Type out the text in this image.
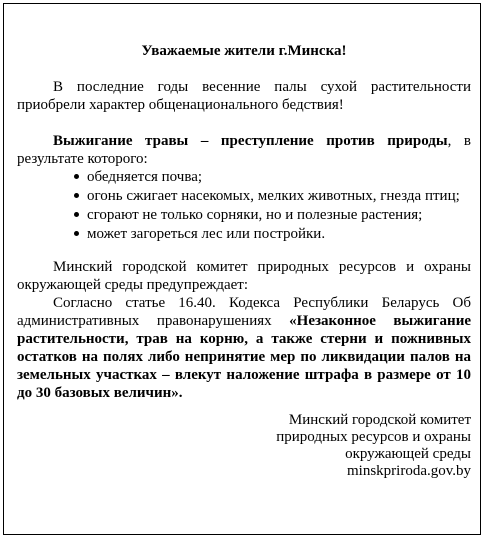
Уважаемые жители г.Минска!
В последние годы весенние палы сухой растительности приобрели характер общенационального бедствия!
Выжигание травы – преступление против природы, в результате которого:
обедняется почва;
огонь сжигает насекомых, мелких животных, гнезда птиц;
сгорают не только сорняки, но и полезные растения;
может загореться лес или постройки.
Минский городской комитет природных ресурсов и охраны окружающей среды предупреждает:
Согласно статье 16.40. Кодекса Республики Беларусь Об административных правонарушениях «Незаконное выжигание растительности, трав на корню, а также стерни и пожнивных остатков на полях либо непринятие мер по ликвидации палов на земельных участках – влекут наложение штрафа в размере от 10 до 30 базовых величин».
Минский городской комитет
природных ресурсов и охраны
окружающей среды
minskpriroda.gov.by
